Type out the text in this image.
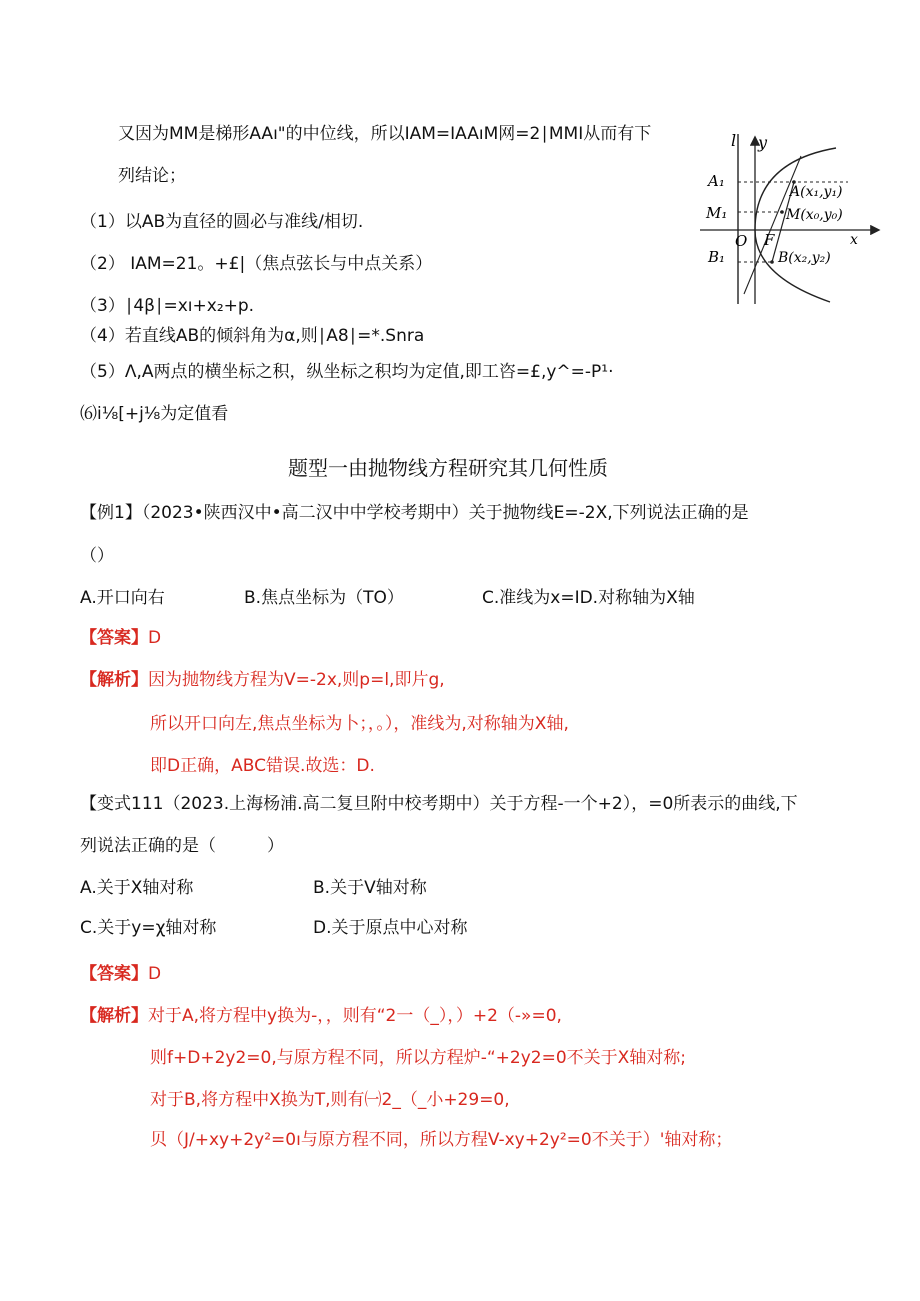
又因为MM是梯形AAı"的中位线，所以IAM=IAAıM网=2∣MMI从而有下
列结论；
（1）以AB为直径的圆必与准线/相切.
（2） IAM=21。+£|（焦点弦长与中点关系）
（3）∣4β∣=xı+x₂+p.
（4）若直线AB的倾斜角为α,则∣A8∣=*.Snra
（5）Λ,A两点的横坐标之积，纵坐标之积均为定值,即工咨=£,y^=-P¹·
⑹i⅛[+j⅛为定值看
l y
x
O F
A₁
M₁
B₁
A(x₁,y₁)
M(x₀,y₀)
B(x₂,y₂)
题型一由抛物线方程研究其几何性质
【例1】（2023•陕西汉中•高二汉中中学校考期中）关于抛物线E=-2X,下列说法正确的是
（）
A.开口向右	B.焦点坐标为（TO）	C.准线为x=ID.对称轴为X轴
【答案】D
【解析】因为抛物线方程为V=-2x,则p=l,即片g,
所以开口向左,焦点坐标为卜；，。），准线为,对称轴为X轴,
即D正确，ABC错误.故选：D.
【变式111（2023.上海杨浦.高二复旦附中校考期中）关于方程-一个+2），=0所表示的曲线,下
列说法正确的是（　　　）
A.关于X轴对称	B.关于V轴对称
C.关于y=χ轴对称	D.关于原点中心对称
【答案】D
【解析】对于A,将方程中y换为-，，则有“2一（_），）+2（-»=0,
则f+D+2y2=0,与原方程不同，所以方程炉-“+2y2=0不关于X轴对称;
对于B,将方程中X换为T,则有㈠2_（_小+29=0,
贝（J/+xy+2y²=0ı与原方程不同，所以方程V-xy+2y²=0不关于）'轴对称；
